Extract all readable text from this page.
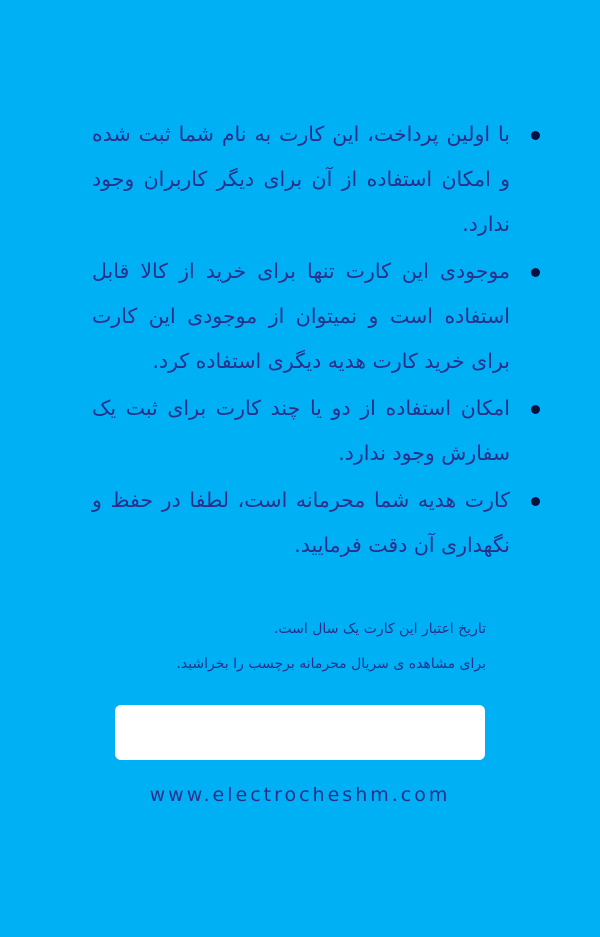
با اولین پرداخت، این کارت به نام شما ثبت شده و امکان استفاده از آن برای دیگر کاربران وجود ندارد.
موجودی این کارت تنها برای خرید از کالا قابل استفاده است و نمیتوان از موجودی این کارت برای خرید کارت هدیه دیگری استفاده کرد.
امکان استفاده از دو یا چند کارت برای ثبت یک سفارش وجود ندارد.
کارت هدیه شما محرمانه است، لطفا در حفظ و نگهداری آن دقت فرمایید.
تاریخ اعتبار این کارت یک سال است.
برای مشاهده ی سریال محرمانه برچسب را بخراشید.
www.electrocheshm.com
